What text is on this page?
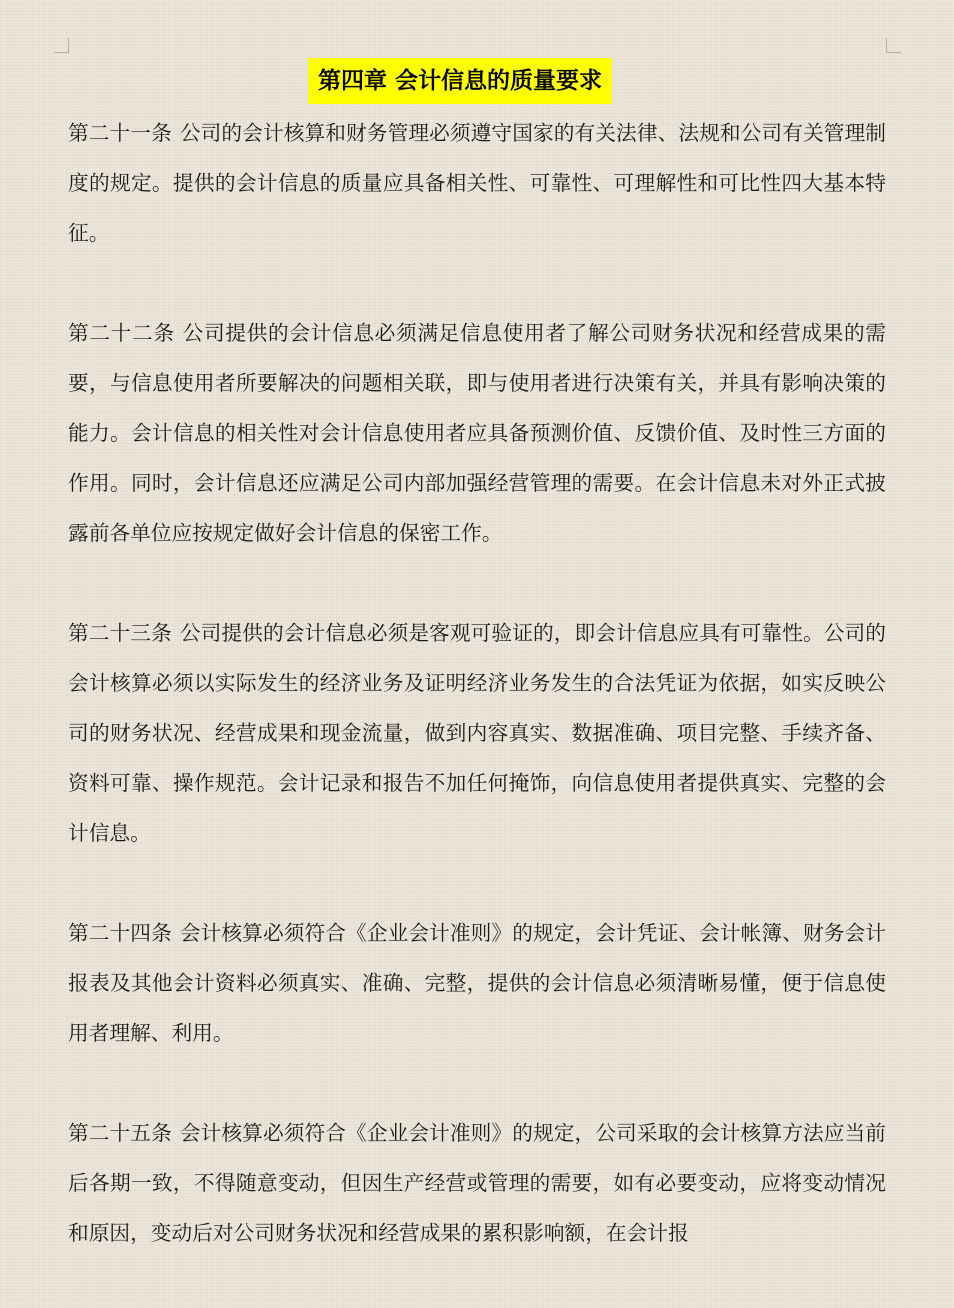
第四章 会计信息的质量要求

第二十一条 公司的会计核算和财务管理必须遵守国家的有关法律、法规和公司有关管理制度的规定。提供的会计信息的质量应具备相关性、可靠性、可理解性和可比性四大基本特征。

第二十二条 公司提供的会计信息必须满足信息使用者了解公司财务状况和经营成果的需要，与信息使用者所要解决的问题相关联，即与使用者进行决策有关，并具有影响决策的能力。会计信息的相关性对会计信息使用者应具备预测价值、反馈价值、及时性三方面的作用。同时，会计信息还应满足公司内部加强经营管理的需要。在会计信息未对外正式披露前各单位应按规定做好会计信息的保密工作。

第二十三条 公司提供的会计信息必须是客观可验证的，即会计信息应具有可靠性。公司的会计核算必须以实际发生的经济业务及证明经济业务发生的合法凭证为依据，如实反映公司的财务状况、经营成果和现金流量，做到内容真实、数据准确、项目完整、手续齐备、资料可靠、操作规范。会计记录和报告不加任何掩饰，向信息使用者提供真实、完整的会计信息。

第二十四条 会计核算必须符合《企业会计准则》的规定，会计凭证、会计帐簿、财务会计报表及其他会计资料必须真实、准确、完整，提供的会计信息必须清晰易懂，便于信息使用者理解、利用。

第二十五条 会计核算必须符合《企业会计准则》的规定，公司采取的会计核算方法应当前后各期一致，不得随意变动，但因生产经营或管理的需要，如有必要变动，应将变动情况和原因，变动后对公司财务状况和经营成果的累积影响额，在会计报
